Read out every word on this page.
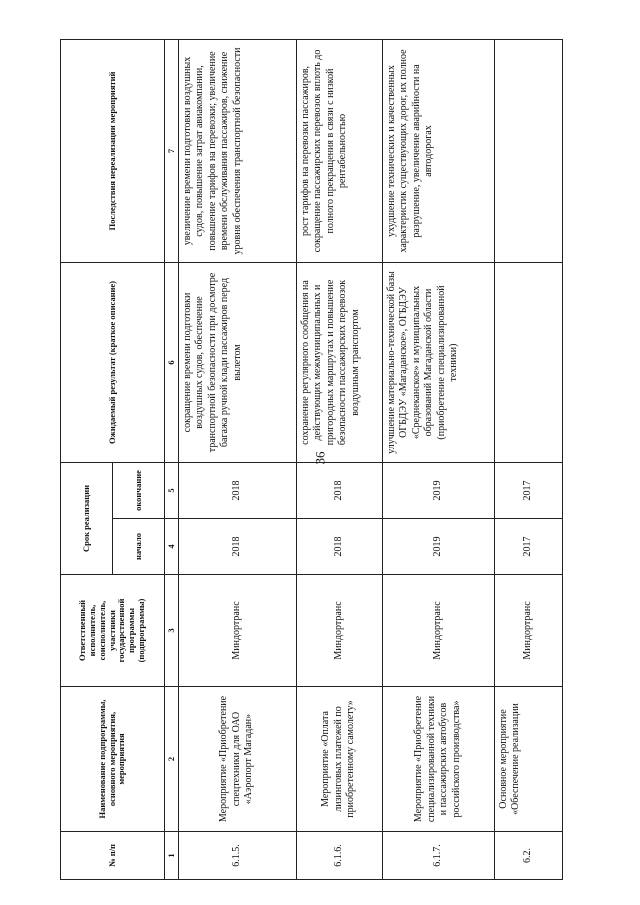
36
№ п/п	Наименование подпрограммы, основного мероприятия, мероприятия	Ответственный исполнитель, соисполнитель, участники государственной программы (подпрограммы)	Срок реализации		Ожидаемый результат (краткое описание)	Последствия нереализации мероприятий
			начало	окончание		
1	2	3	4	5	6	7
6.1.5.	Мероприятие «Приобретение спецтехники для ОАО «Аэропорт Магадан»	Миндортранс	2018	2018	сокращение времени подготовки воздушных судов, обеспечение транспортной безопасности при досмотре багажа ручной клади пассажиров перед вылетом	увеличение времени подготовки воздушных судов, повышение затрат авиакомпании, повышение тарифов на перевозки; увеличение времени обслуживания пассажиров, снижение уровня обеспечения транспортной безопасности
6.1.6.	Мероприятие «Оплата лизинговых платежей по приобретенному самолету»	Миндортранс	2018	2018	сохранение регулярного сообщения на действующих межмуниципальных и пригородных маршрутах и повышение безопасности пассажирских перевозок воздушным транспортом	рост тарифов на перевозки пассажиров, сокращение пассажирских перевозок вплоть до полного прекращения в связи с низкой рентабельностью
6.1.7.	Мероприятие «Приобретение специализированной техники и пассажирских автобусов российского производства»	Миндортранс	2019	2019	улучшение материально-технической базы ОГБДЭУ «Магаданское», ОГБДЭУ «Среднеканское» и муниципальных образований Магаданской области (приобретение специализированной техники)	ухудшение технических и качественных характеристик существующих дорог, их полное разрушение, увеличение аварийности на автодорогах
6.2.	Основное мероприятие «Обеспечение реализации	Миндортранс	2017	2017		
